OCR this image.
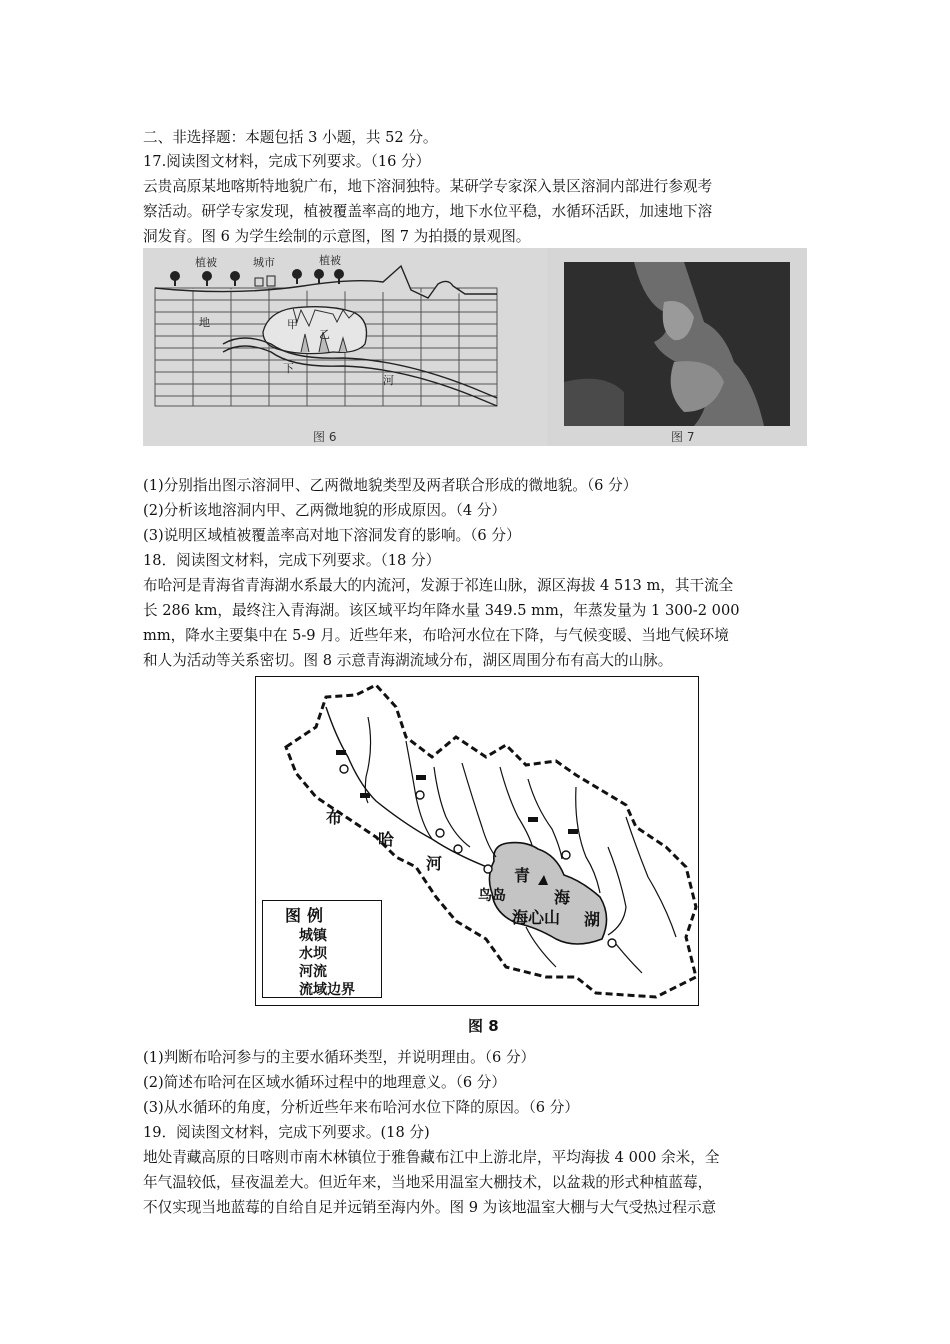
二、非选择题：本题包括 3 小题，共 52 分。
17.阅读图文材料，完成下列要求。（16 分）
云贵高原某地喀斯特地貌广布，地下溶洞独特。某研学专家深入景区溶洞内部进行参观考
察活动。研学专家发现，植被覆盖率高的地方，地下水位平稳，水循环活跃，加速地下溶
洞发育。图 6 为学生绘制的示意图，图 7 为拍摄的景观图。
植被	城市	植被
甲
乙
地
下
河
图 6	图 7
(1)分别指出图示溶洞甲、乙两微地貌类型及两者联合形成的微地貌。（6 分）
(2)分析该地溶洞内甲、乙两微地貌的形成原因。（4 分）
(3)说明区域植被覆盖率高对地下溶洞发育的影响。（6 分）
18．阅读图文材料，完成下列要求。（18 分）
布哈河是青海省青海湖水系最大的内流河，发源于祁连山脉，源区海拔 4 513 m，其干流全
长 286 km，最终注入青海湖。该区域平均年降水量 349.5 mm，年蒸发量为 1 300-2 000
mm，降水主要集中在 5-9 月。近些年来，布哈河水位在下降，与气候变暖、当地气候环境
和人为活动等关系密切。图 8 示意青海湖流域分布，湖区周围分布有高大的山脉。
布
哈
河
青
海
湖
鸟岛
海心山
图例
城镇
水坝
河流
流域边界
图 8
(1)判断布哈河参与的主要水循环类型，并说明理由。（6 分）
(2)简述布哈河在区域水循环过程中的地理意义。（6 分）
(3)从水循环的角度，分析近些年来布哈河水位下降的原因。（6 分）
19．阅读图文材料，完成下列要求。(18 分)
地处青藏高原的日喀则市南木林镇位于雅鲁藏布江中上游北岸，平均海拔 4 000 余米，全
年气温较低，昼夜温差大。但近年来，当地采用温室大棚技术，以盆栽的形式种植蓝莓，
不仅实现当地蓝莓的自给自足并远销至海内外。图 9 为该地温室大棚与大气受热过程示意
